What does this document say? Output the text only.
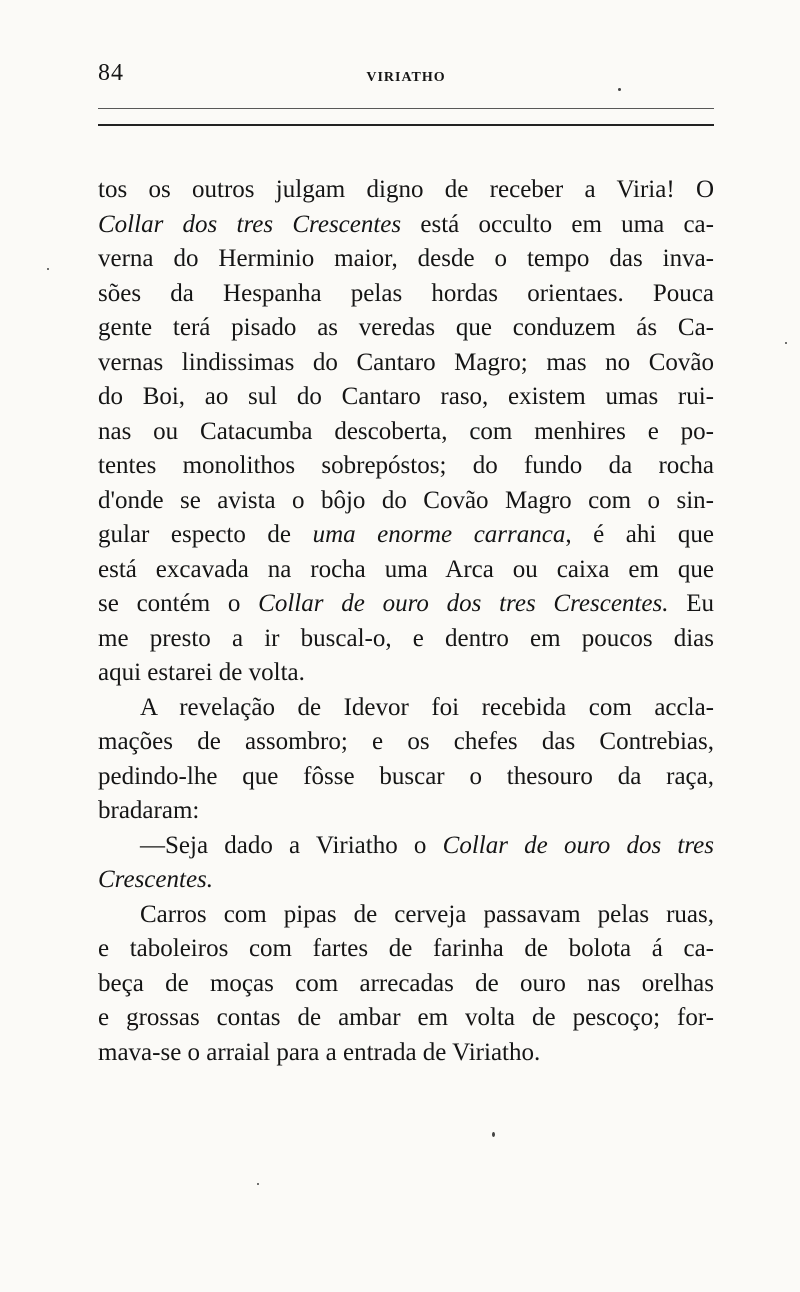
84	VIRIATHO
tos os outros julgam digno de receber a Viria! O
Collar dos tres Crescentes está occulto em uma ca-
verna do Herminio maior, desde o tempo das inva-
sões da Hespanha pelas hordas orientaes. Pouca
gente terá pisado as veredas que conduzem ás Ca-
vernas lindissimas do Cantaro Magro; mas no Covão
do Boi, ao sul do Cantaro raso, existem umas rui-
nas ou Catacumba descoberta, com menhires e po-
tentes monolithos sobrepóstos; do fundo da rocha
d'onde se avista o bôjo do Covão Magro com o sin-
gular especto de uma enorme carranca, é ahi que
está excavada na rocha uma Arca ou caixa em que
se contém o Collar de ouro dos tres Crescentes. Eu
me presto a ir buscal-o, e dentro em poucos dias
aqui estarei de volta.
A revelação de Idevor foi recebida com accla-
mações de assombro; e os chefes das Contrebias,
pedindo-lhe que fôsse buscar o thesouro da raça,
bradaram:
—Seja dado a Viriatho o Collar de ouro dos tres
Crescentes.
Carros com pipas de cerveja passavam pelas ruas,
e taboleiros com fartes de farinha de bolota á ca-
beça de moças com arrecadas de ouro nas orelhas
e grossas contas de ambar em volta de pescoço; for-
mava-se o arraial para a entrada de Viriatho.
